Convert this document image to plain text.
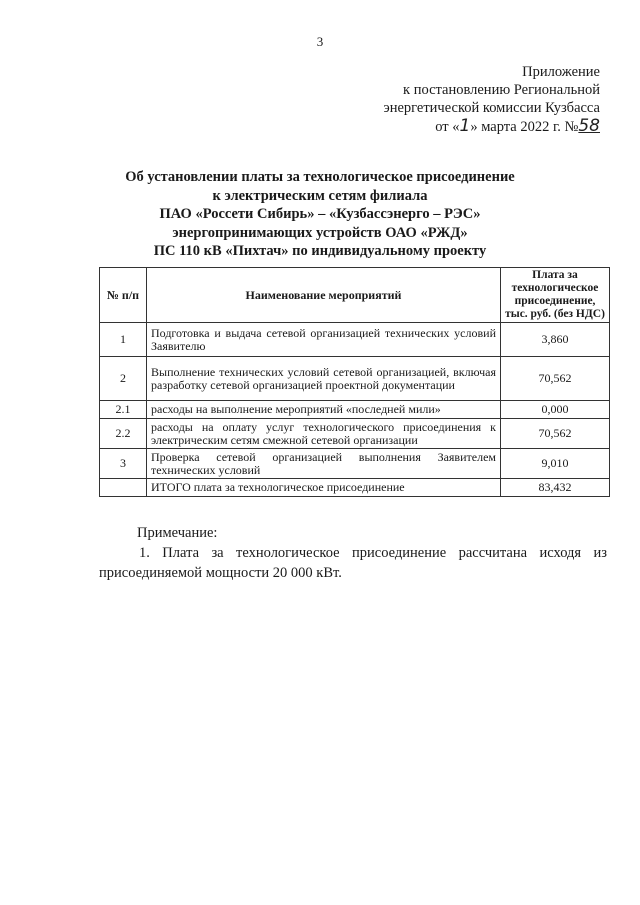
3
Приложение
к постановлению Региональной
энергетической комиссии Кузбасса
от «1» марта 2022 г. №58
Об установлении платы за технологическое присоединение
к электрическим сетям филиала
ПАО «Россети Сибирь» – «Кузбассэнерго – РЭС»
энергопринимающих устройств ОАО «РЖД»
ПС 110 кВ «Пихтач» по индивидуальному проекту
№ п/п	Наименование мероприятий	Плата за технологическое присоединение, тыс. руб. (без НДС)
1	Подготовка и выдача сетевой организацией технических условий Заявителю	3,860
2	Выполнение технических условий сетевой организацией, включая разработку сетевой организацией проектной документации	70,562
2.1	расходы на выполнение мероприятий «последней мили»	0,000
2.2	расходы на оплату услуг технологического присоединения к электрическим сетям смежной сетевой организации	70,562
3	Проверка сетевой организацией выполнения Заявителем технических условий	9,010
	ИТОГО плата за технологическое присоединение	83,432
Примечание:
1. Плата за технологическое присоединение рассчитана исходя из присоединяемой мощности 20 000 кВт.
